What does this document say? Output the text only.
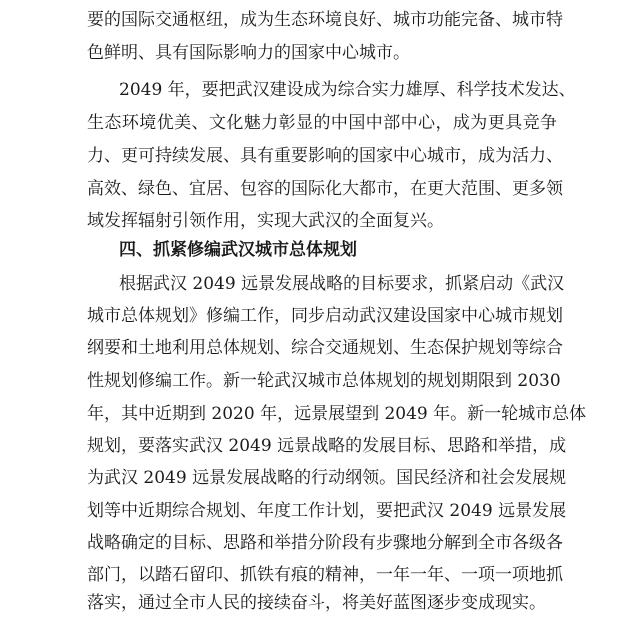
要的国际交通枢纽，成为生态环境良好、城市功能完备、城市特
色鲜明、具有国际影响力的国家中心城市。
2049 年，要把武汉建设成为综合实力雄厚、科学技术发达、
生态环境优美、文化魅力彰显的中国中部中心，成为更具竞争
力、更可持续发展、具有重要影响的国家中心城市，成为活力、
高效、绿色、宜居、包容的国际化大都市，在更大范围、更多领
域发挥辐射引领作用，实现大武汉的全面复兴。
四、抓紧修编武汉城市总体规划
根据武汉 2049 远景发展战略的目标要求，抓紧启动《武汉
城市总体规划》修编工作，同步启动武汉建设国家中心城市规划
纲要和土地利用总体规划、综合交通规划、生态保护规划等综合
性规划修编工作。新一轮武汉城市总体规划的规划期限到 2030
年，其中近期到 2020 年，远景展望到 2049 年。新一轮城市总体
规划，要落实武汉 2049 远景战略的发展目标、思路和举措，成
为武汉 2049 远景发展战略的行动纲领。国民经济和社会发展规
划等中近期综合规划、年度工作计划，要把武汉 2049 远景发展
战略确定的目标、思路和举措分阶段有步骤地分解到全市各级各
部门，以踏石留印、抓铁有痕的精神，一年一年、一项一项地抓
落实，通过全市人民的接续奋斗，将美好蓝图逐步变成现实。
